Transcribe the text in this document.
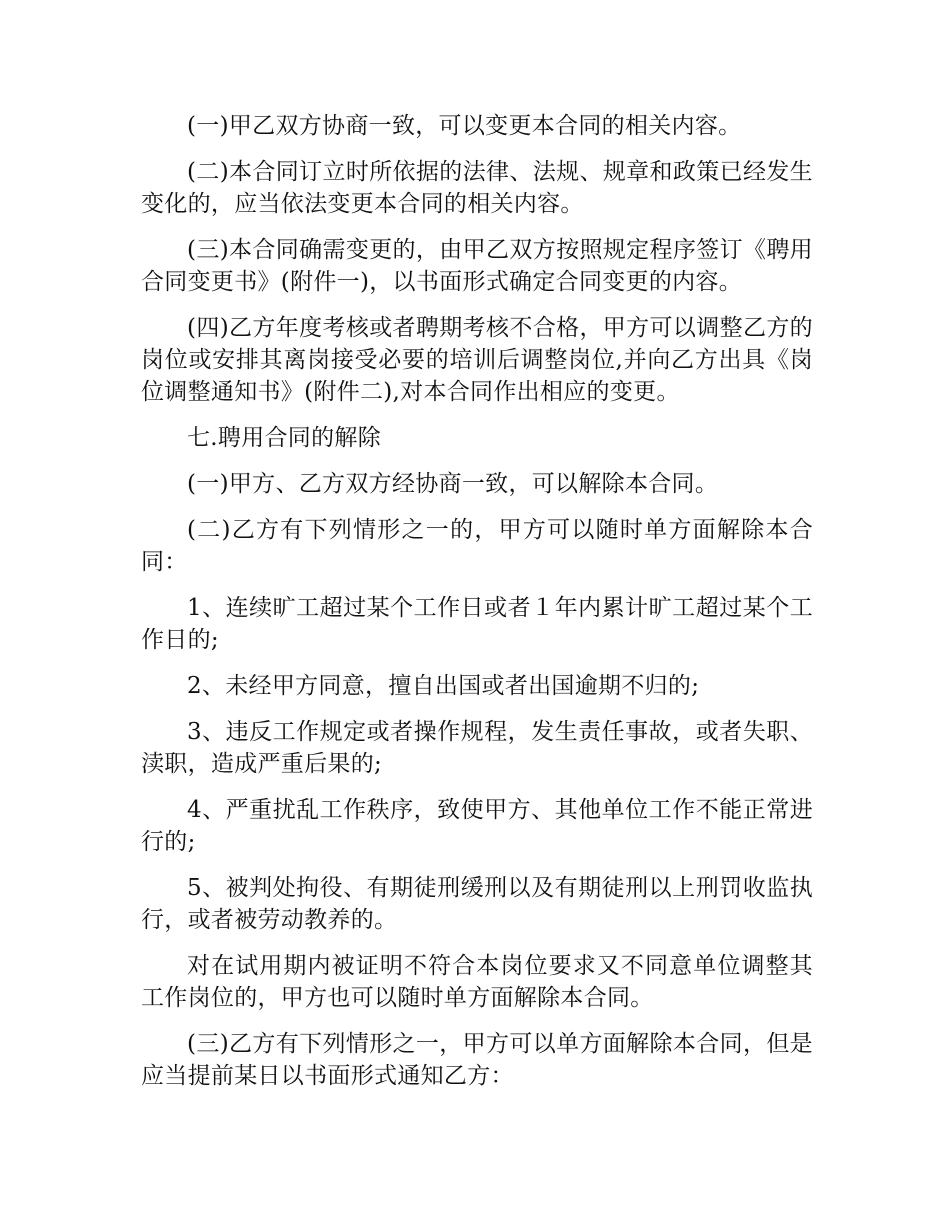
(一)甲乙双方协商一致，可以变更本合同的相关内容。

(二)本合同订立时所依据的法律、法规、规章和政策已经发生变化的，应当依法变更本合同的相关内容。

(三)本合同确需变更的，由甲乙双方按照规定程序签订《聘用合同变更书》(附件一)，以书面形式确定合同变更的内容。

(四)乙方年度考核或者聘期考核不合格，甲方可以调整乙方的岗位或安排其离岗接受必要的培训后调整岗位,并向乙方出具《岗位调整通知书》(附件二),对本合同作出相应的变更。

七.聘用合同的解除

(一)甲方、乙方双方经协商一致，可以解除本合同。

(二)乙方有下列情形之一的，甲方可以随时单方面解除本合同：

1、连续旷工超过某个工作日或者１年内累计旷工超过某个工作日的;

2、未经甲方同意，擅自出国或者出国逾期不归的;

3、违反工作规定或者操作规程，发生责任事故，或者失职、渎职，造成严重后果的;

4、严重扰乱工作秩序，致使甲方、其他单位工作不能正常进行的;

5、被判处拘役、有期徒刑缓刑以及有期徒刑以上刑罚收监执行，或者被劳动教养的。

对在试用期内被证明不符合本岗位要求又不同意单位调整其工作岗位的，甲方也可以随时单方面解除本合同。

(三)乙方有下列情形之一，甲方可以单方面解除本合同，但是应当提前某日以书面形式通知乙方：
